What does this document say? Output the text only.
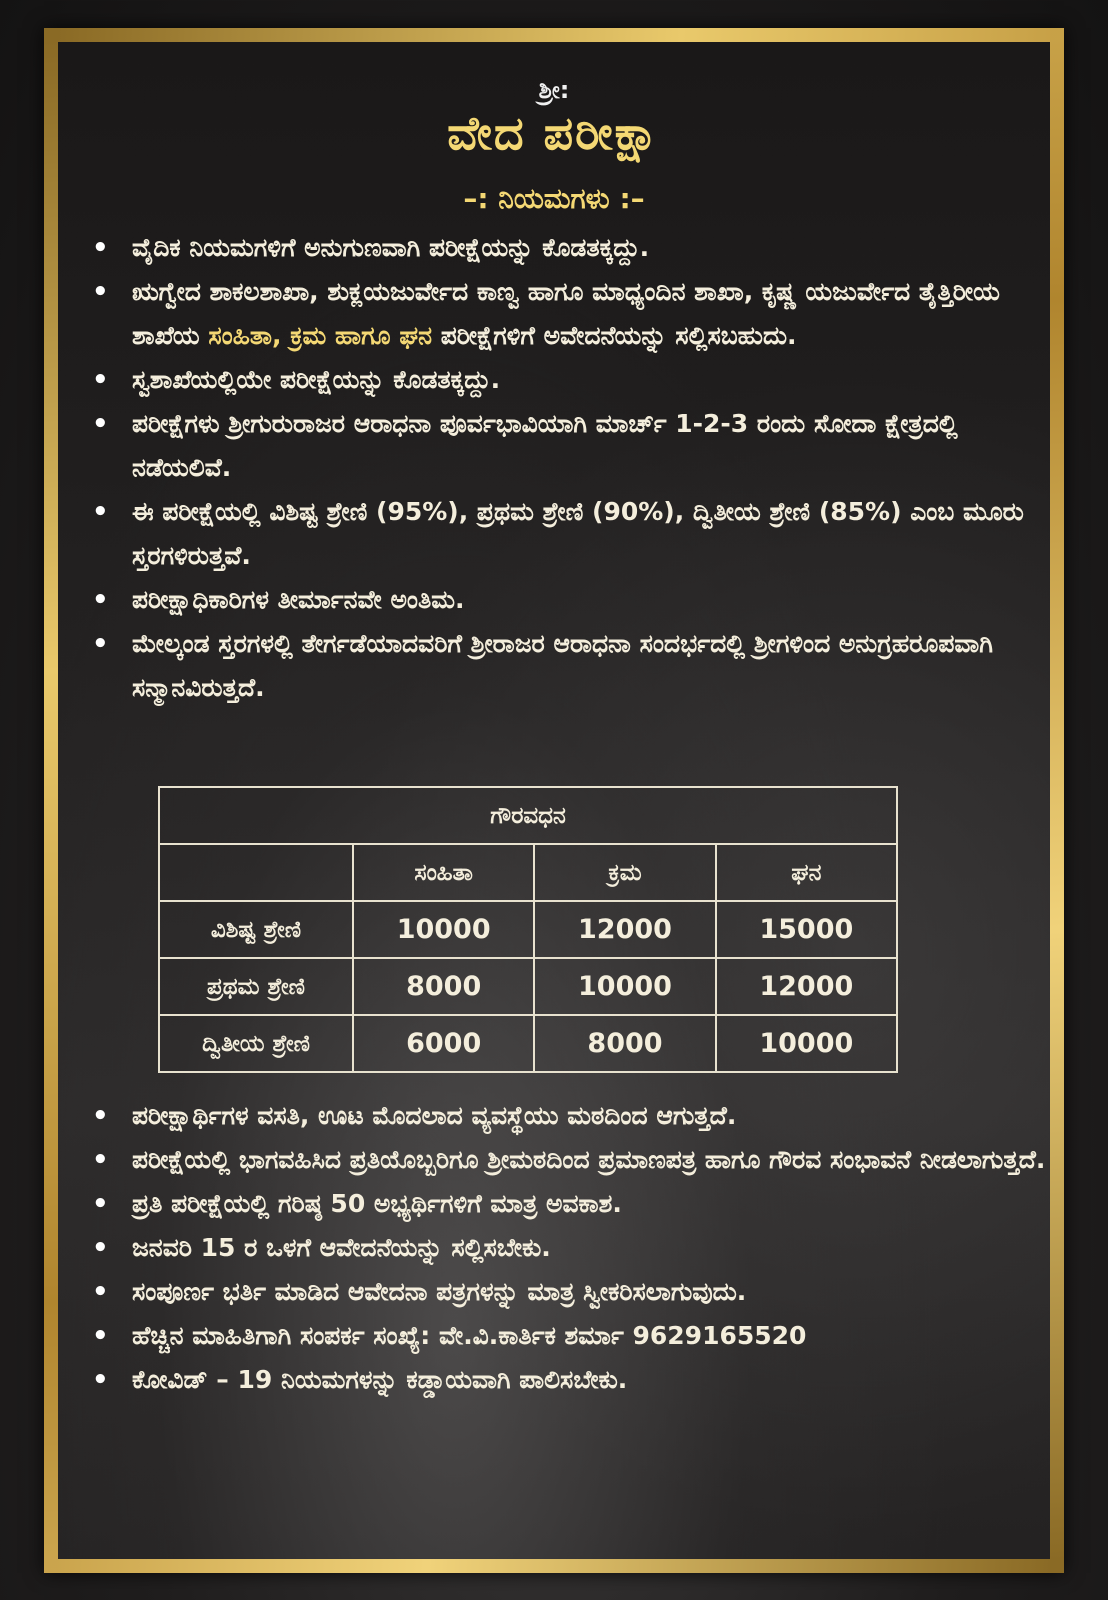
ಶ್ರೀ:
ವೇದ ಪರೀಕ್ಷಾ
–: ನಿಯಮಗಳು :–
• ವೈದಿಕ ನಿಯಮಗಳಿಗೆ ಅನುಗುಣವಾಗಿ ಪರೀಕ್ಷೆಯನ್ನು ಕೊಡತಕ್ಕದ್ದು.
• ಋಗ್ವೇದ ಶಾಕಲಶಾಖಾ, ಶುಕ್ಲಯಜುರ್ವೇದ ಕಾಣ್ವ ಹಾಗೂ ಮಾಧ್ಯಂದಿನ ಶಾಖಾ, ಕೃಷ್ಣ ಯಜುರ್ವೇದ ತೈತ್ತಿರೀಯ ಶಾಖೆಯ ಸಂಹಿತಾ, ಕ್ರಮ ಹಾಗೂ ಘನ ಪರೀಕ್ಷೆಗಳಿಗೆ ಅವೇದನೆಯನ್ನು ಸಲ್ಲಿಸಬಹುದು.
• ಸ್ವಶಾಖೆಯಲ್ಲಿಯೇ ಪರೀಕ್ಷೆಯನ್ನು ಕೊಡತಕ್ಕದ್ದು.
• ಪರೀಕ್ಷೆಗಳು ಶ್ರೀಗುರುರಾಜರ ಆರಾಧನಾ ಪೂರ್ವಭಾವಿಯಾಗಿ ಮಾರ್ಚ್ 1-2-3 ರಂದು ಸೋದಾ ಕ್ಷೇತ್ರದಲ್ಲಿ ನಡೆಯಲಿವೆ.
• ಈ ಪರೀಕ್ಷೆಯಲ್ಲಿ ವಿಶಿಷ್ಟ ಶ್ರೇಣಿ (95%), ಪ್ರಥಮ ಶ್ರೇಣಿ (90%), ದ್ವಿತೀಯ ಶ್ರೇಣಿ (85%) ಎಂಬ ಮೂರು ಸ್ತರಗಳಿರುತ್ತವೆ.
• ಪರೀಕ್ಷಾಧಿಕಾರಿಗಳ ತೀರ್ಮಾನವೇ ಅಂತಿಮ.
• ಮೇಲ್ಕಂಡ ಸ್ತರಗಳಲ್ಲಿ ತೇರ್ಗಡೆಯಾದವರಿಗೆ ಶ್ರೀರಾಜರ ಆರಾಧನಾ ಸಂದರ್ಭದಲ್ಲಿ ಶ್ರೀಗಳಿಂದ ಅನುಗ್ರಹರೂಪವಾಗಿ ಸನ್ಮಾನವಿರುತ್ತದೆ.
ಗೌರವಧನ			
	ಸಂಹಿತಾ	ಕ್ರಮ	ಘನ
ವಿಶಿಷ್ಟ ಶ್ರೇಣಿ	10000	12000	15000
ಪ್ರಥಮ ಶ್ರೇಣಿ	8000	10000	12000
ದ್ವಿತೀಯ ಶ್ರೇಣಿ	6000	8000	10000
• ಪರೀಕ್ಷಾರ್ಥಿಗಳ ವಸತಿ, ಊಟ ಮೊದಲಾದ ವ್ಯವಸ್ಥೆಯು ಮಠದಿಂದ ಆಗುತ್ತದೆ.
• ಪರೀಕ್ಷೆಯಲ್ಲಿ ಭಾಗವಹಿಸಿದ ಪ್ರತಿಯೊಬ್ಬರಿಗೂ ಶ್ರೀಮಠದಿಂದ ಪ್ರಮಾಣಪತ್ರ ಹಾಗೂ ಗೌರವ ಸಂಭಾವನೆ ನೀಡಲಾಗುತ್ತದೆ.
• ಪ್ರತಿ ಪರೀಕ್ಷೆಯಲ್ಲಿ ಗರಿಷ್ಠ 50 ಅಭ್ಯರ್ಥಿಗಳಿಗೆ ಮಾತ್ರ ಅವಕಾಶ.
• ಜನವರಿ 15 ರ ಒಳಗೆ ಆವೇದನೆಯನ್ನು ಸಲ್ಲಿಸಬೇಕು.
• ಸಂಪೂರ್ಣ ಭರ್ತಿ ಮಾಡಿದ ಆವೇದನಾ ಪತ್ರಗಳನ್ನು ಮಾತ್ರ ಸ್ವೀಕರಿಸಲಾಗುವುದು.
• ಹೆಚ್ಚಿನ ಮಾಹಿತಿಗಾಗಿ ಸಂಪರ್ಕ ಸಂಖ್ಯೆ: ವೇ.ವಿ.ಕಾರ್ತಿಕ ಶರ್ಮಾ 9629165520
• ಕೋವಿಡ್ – 19 ನಿಯಮಗಳನ್ನು ಕಡ್ಡಾಯವಾಗಿ ಪಾಲಿಸಬೇಕು.
